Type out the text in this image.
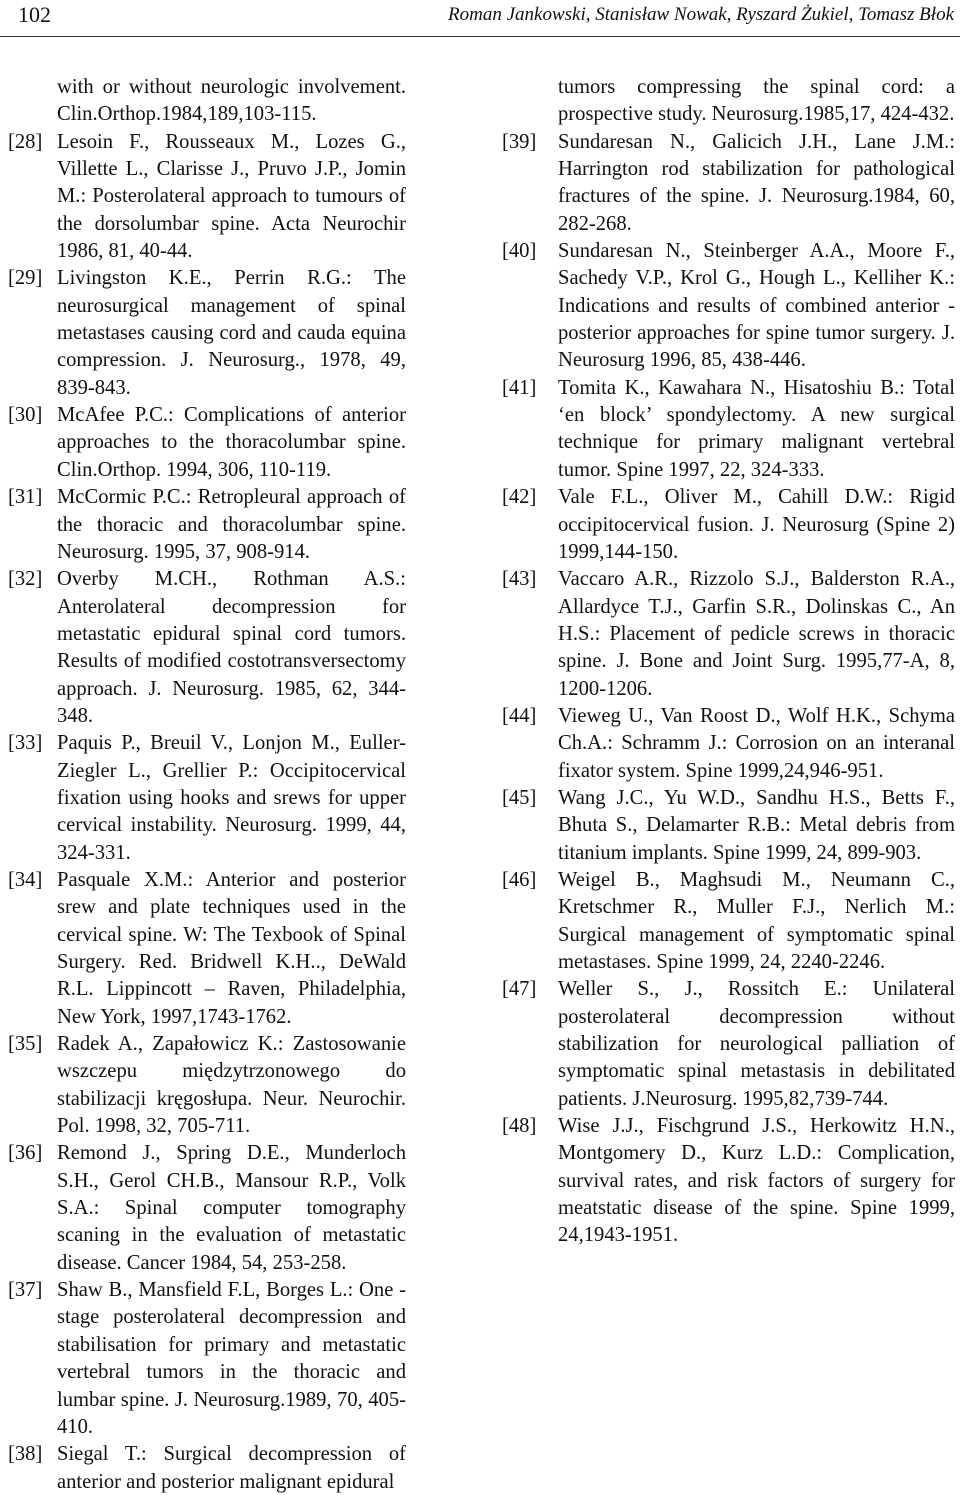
102	Roman Jankowski, Stanisław Nowak, Ryszard Żukiel, Tomasz Błok
with or without neurologic involvement. Clin.Orthop.1984,189,103-115.
[28] Lesoin F., Rousseaux M., Lozes G., Villette L., Clarisse J., Pruvo J.P., Jomin M.: Posterolateral approach to tumours of the dorsolumbar spine. Acta Neurochir 1986, 81, 40-44.
[29] Livingston K.E., Perrin R.G.: The neurosurgical management of spinal metastases causing cord and cauda equina compression. J. Neurosurg., 1978, 49, 839-843.
[30] McAfee P.C.: Complications of anterior approaches to the thoracolumbar spine. Clin.Orthop. 1994, 306, 110-119.
[31] McCormic P.C.: Retropleural approach of the thoracic and thoracolumbar spine. Neurosurg. 1995, 37, 908-914.
[32] Overby M.CH., Rothman A.S.: Anterolateral decompression for metastatic epidural spinal cord tumors. Results of modified costotransversectomy approach. J. Neurosurg. 1985, 62, 344-348.
[33] Paquis P., Breuil V., Lonjon M., Euller-Ziegler L., Grellier P.: Occipitocervical fixation using hooks and srews for upper cervical instability. Neurosurg. 1999, 44, 324-331.
[34] Pasquale X.M.: Anterior and posterior srew and plate techniques used in the cervical spine. W: The Texbook of Spinal Surgery. Red. Bridwell K.H.., DeWald R.L. Lippincott – Raven, Philadelphia, New York, 1997,1743-1762.
[35] Radek A., Zapałowicz K.: Zastosowanie wszczepu międzytrzonowego do stabilizacji kręgosłupa. Neur. Neurochir. Pol. 1998, 32, 705-711.
[36] Remond J., Spring D.E., Munderloch S.H., Gerol CH.B., Mansour R.P., Volk S.A.: Spinal computer tomography scaning in the evaluation of metastatic disease. Cancer 1984, 54, 253-258.
[37] Shaw B., Mansfield F.L, Borges L.: One - stage posterolateral decompression and stabilisation for primary and metastatic vertebral tumors in the thoracic and lumbar spine. J. Neurosurg.1989, 70, 405-410.
[38] Siegal T.: Surgical decompression of anterior and posterior malignant epidural
tumors compressing the spinal cord: a prospective study. Neurosurg.1985,17, 424-432.
[39]	Sundaresan N., Galicich J.H., Lane J.M.: Harrington rod stabilization for pathological fractures of the spine. J. Neurosurg.1984, 60, 282-268.
[40]	Sundaresan N., Steinberger A.A., Moore F., Sachedy V.P., Krol G., Hough L., Kelliher K.: Indications and results of combined anterior - posterior approaches for spine tumor surgery. J. Neurosurg 1996, 85, 438-446.
[41]	Tomita K., Kawahara N., Hisatoshiu B.: Total ‘en block’ spondylectomy. A new surgical technique for primary malignant vertebral tumor. Spine 1997, 22, 324-333.
[42]	Vale F.L., Oliver M., Cahill D.W.: Rigid occipitocervical fusion. J. Neurosurg (Spine 2) 1999,144-150.
[43]	Vaccaro A.R., Rizzolo S.J., Balderston R.A., Allardyce T.J., Garfin S.R., Dolinskas C., An H.S.: Placement of pedicle screws in thoracic spine. J. Bone and Joint Surg. 1995,77-A, 8, 1200-1206.
[44]	Vieweg U., Van Roost D., Wolf H.K., Schyma Ch.A.: Schramm J.: Corrosion on an interanal fixator system. Spine 1999,24,946-951.
[45]	Wang J.C., Yu W.D., Sandhu H.S., Betts F., Bhuta S., Delamarter R.B.: Metal debris from titanium implants. Spine 1999, 24, 899-903.
[46]	Weigel B., Maghsudi M., Neumann C., Kretschmer R., Muller F.J., Nerlich M.: Surgical management of symptomatic spinal metastases. Spine 1999, 24, 2240-2246.
[47]	Weller S., J., Rossitch E.: Unilateral posterolateral decompression without stabilization for neurological palliation of symptomatic spinal metastasis in debilitated patients. J.Neurosurg. 1995,82,739-744.
[48]	Wise J.J., Fischgrund J.S., Herkowitz H.N., Montgomery D., Kurz L.D.: Complication, survival rates, and risk factors of surgery for meatstatic disease of the spine. Spine 1999, 24,1943-1951.
